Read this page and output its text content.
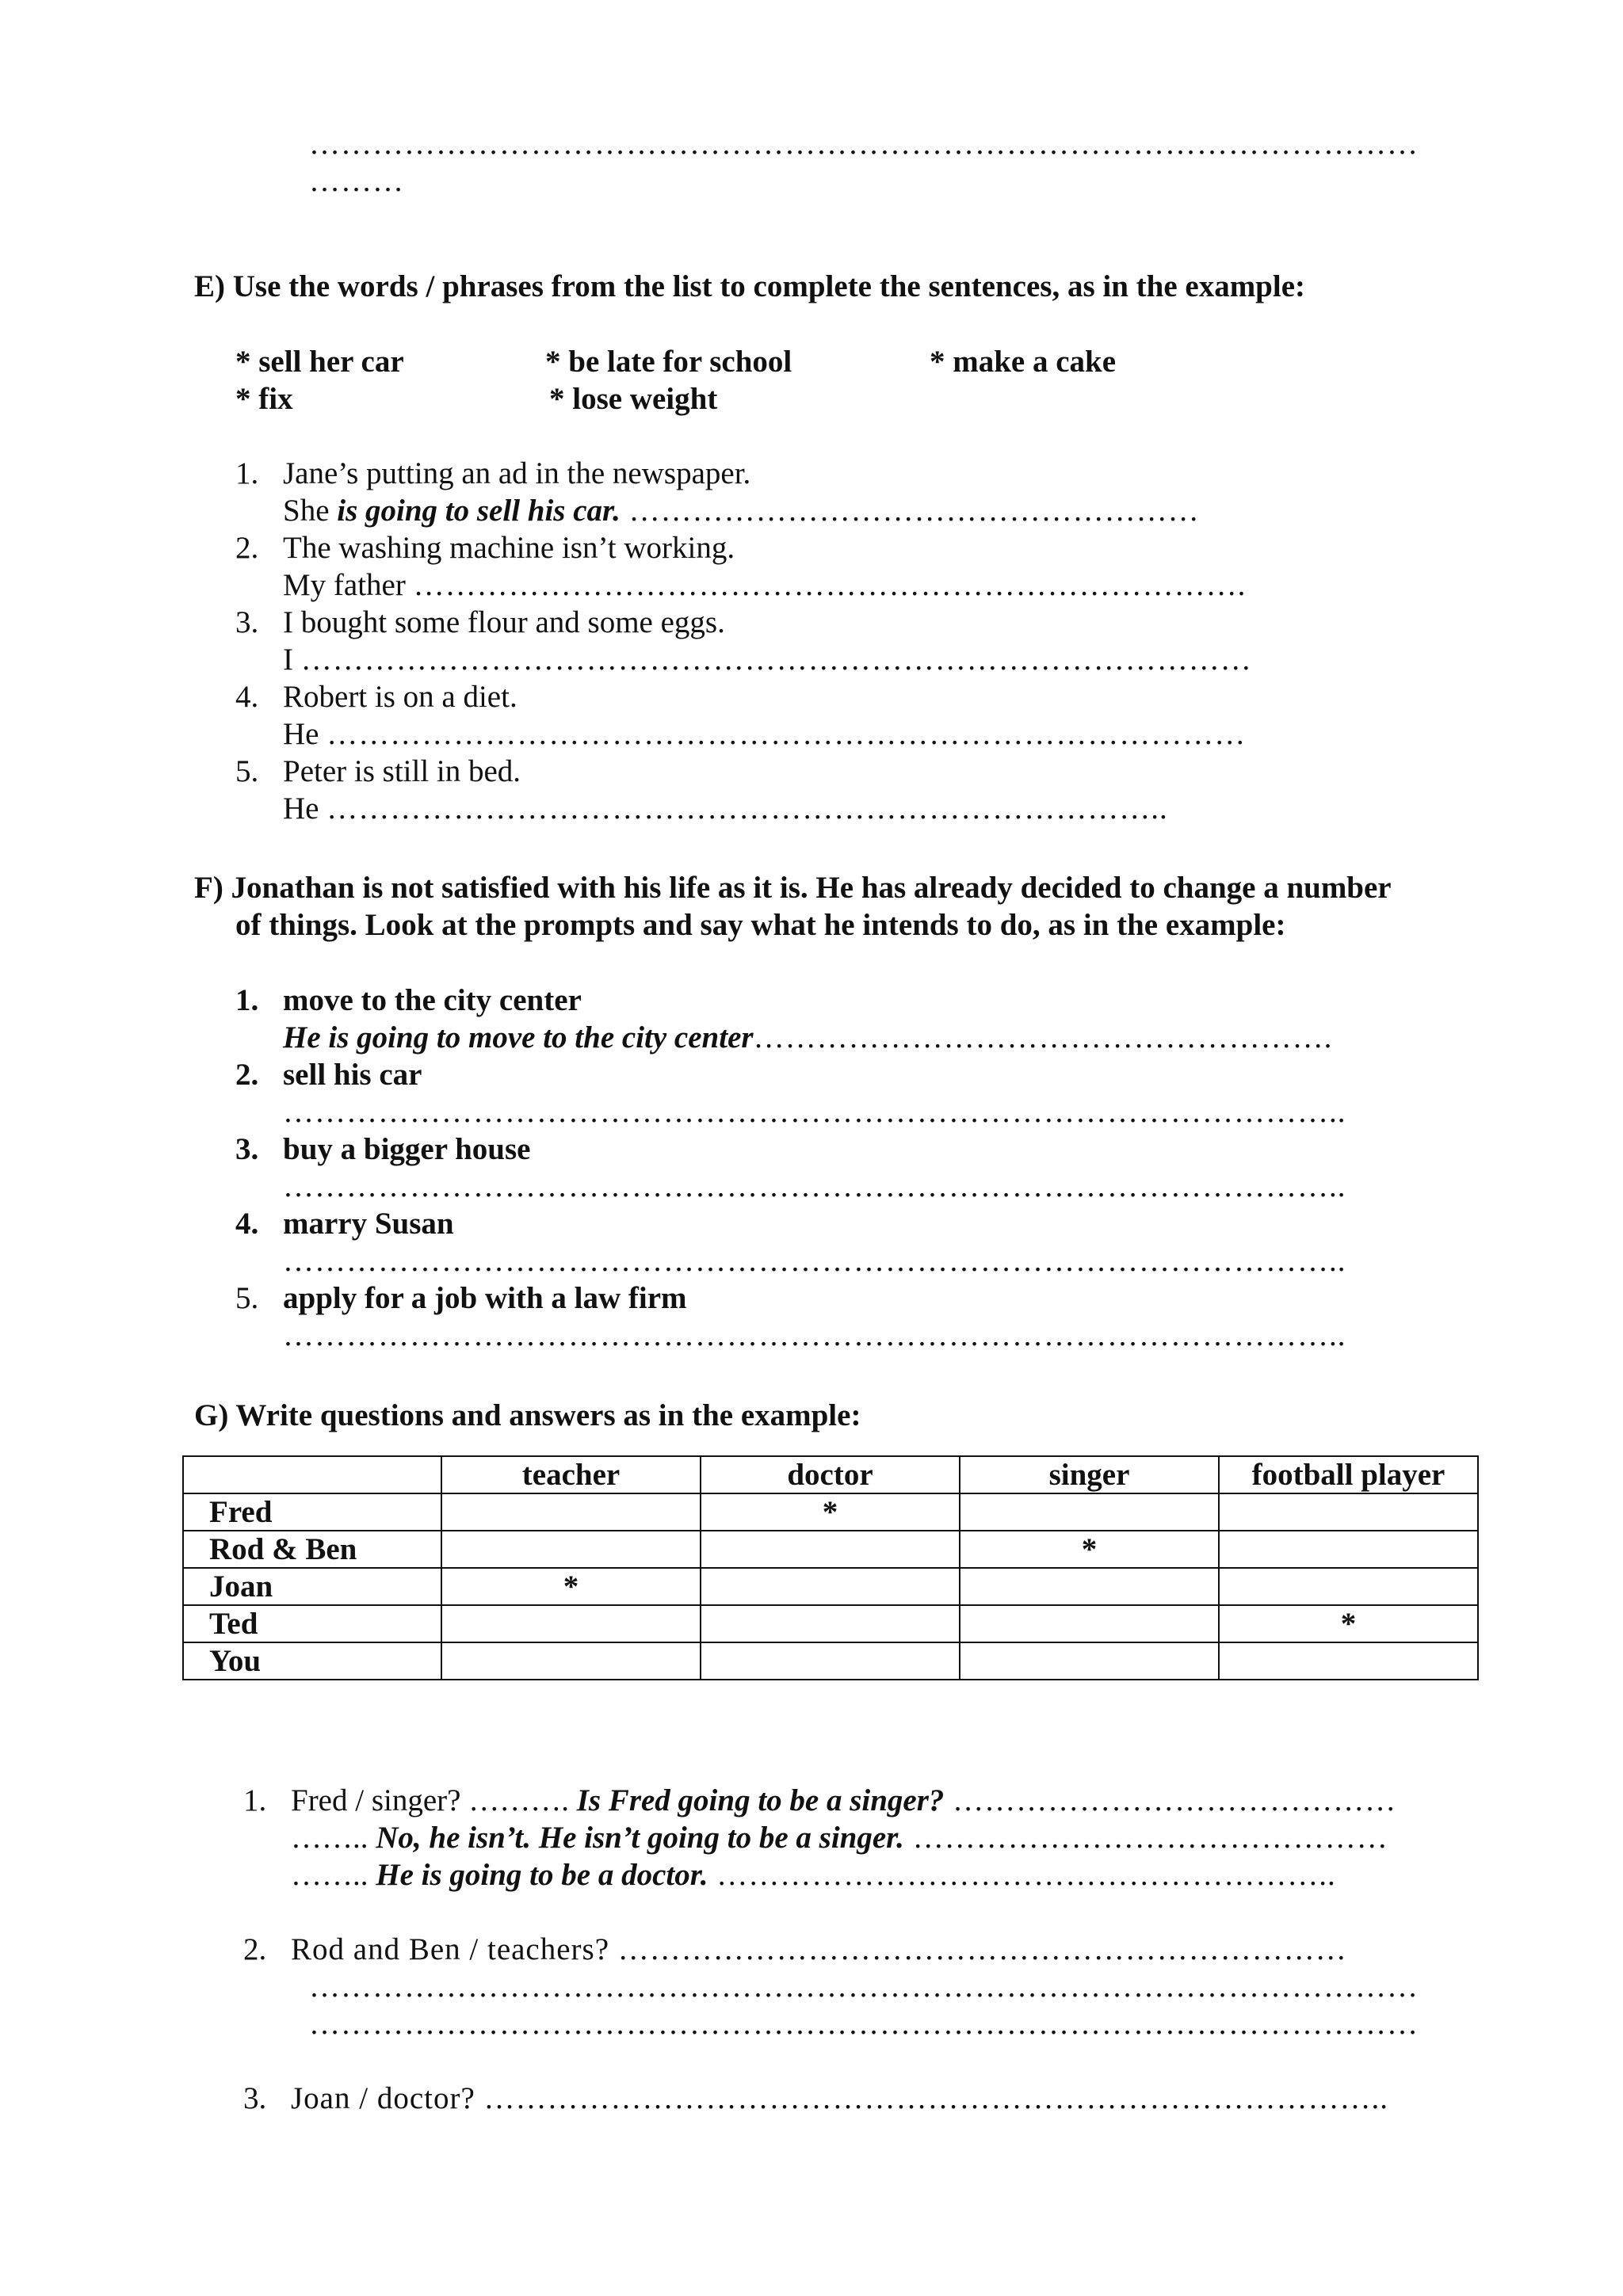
……………………………………………………………………………………………
………
E) Use the words / phrases from the list to complete the sentences, as in the example:
* sell her car	* be late for school	* make a cake
* fix	* lose weight
1. Jane’s putting an ad in the newspaper.
She is going to sell his car. ………………………………………………
2. The washing machine isn’t working.
My father …………………………………………………………………….
3. I bought some flour and some eggs.
I ………………………………………………………………………………
4. Robert is on a diet.
He ……………………………………………………………………………
5. Peter is still in bed.
He ……………………………………………………………………..
F) Jonathan is not satisfied with his life as it is. He has already decided to change a number
of things. Look at the prompts and say what he intends to do, as in the example:
1. move to the city center
He is going to move to the city center……………………………………………….
2. sell his car
………………………………………………………………………………………..
3. buy a bigger house
………………………………………………………………………………………..
4. marry Susan
………………………………………………………………………………………..
5. apply for a job with a law firm
………………………………………………………………………………………..
G) Write questions and answers as in the example:
	teacher	doctor	singer	football player
Fred		*		
Rod & Ben			*	
Joan	*			
Ted				*
You				
1. Fred / singer? ………. Is Fred going to be a singer? ……………………………………
…….. No, he isn’t. He isn’t going to be a singer. ………………………………………
…….. He is going to be a doctor. …………………………………………………..
2. Rod and Ben / teachers? ……………………………………………………………
……………………………………………………………………………………………
……………………………………………………………………………………………
3. Joan / doctor? …………………………………………………………………………..
